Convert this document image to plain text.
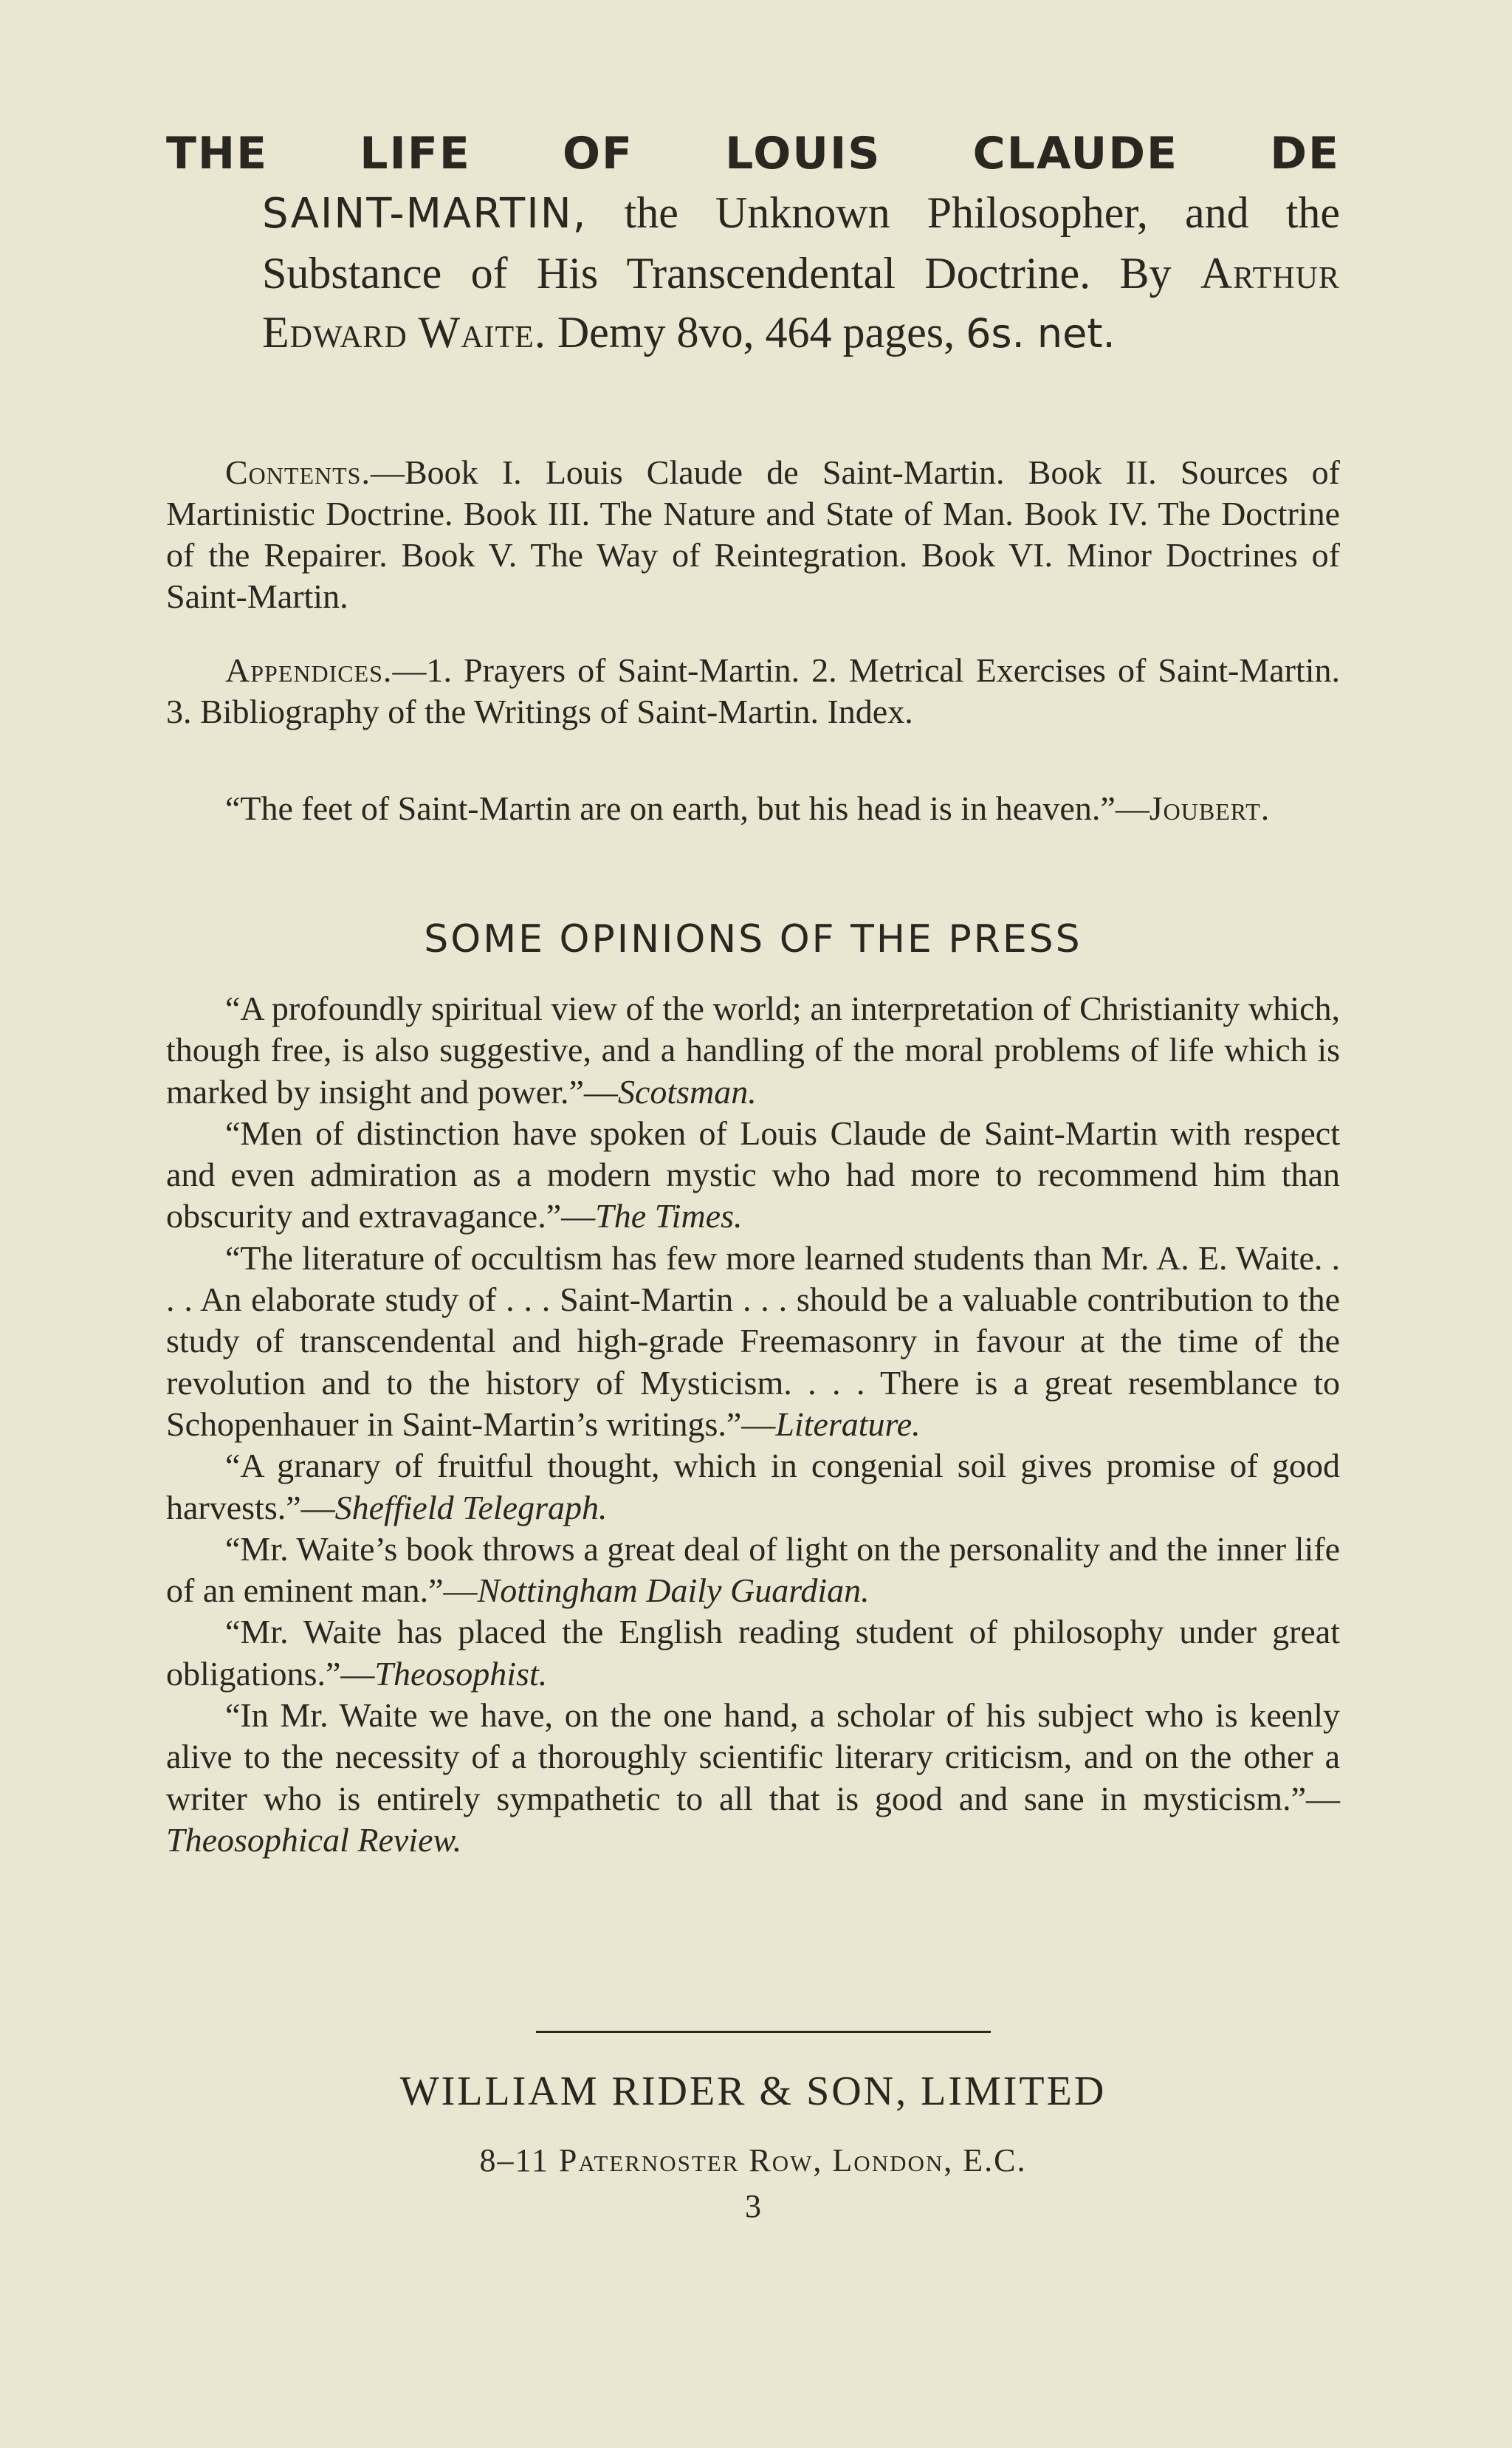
THE LIFE OF LOUIS CLAUDE DE
SAINT-MARTIN, the Unknown Philosopher, and the Substance of His Transcendental Doctrine. By Arthur Edward Waite. Demy 8vo, 464 pages, 6s. net.

Contents.—Book I. Louis Claude de Saint-Martin. Book II. Sources of Martinistic Doctrine. Book III. The Nature and State of Man. Book IV. The Doctrine of the Repairer. Book V. The Way of Reintegration. Book VI. Minor Doctrines of Saint-Martin.

Appendices.—1. Prayers of Saint-Martin. 2. Metrical Exercises of Saint-Martin. 3. Bibliography of the Writings of Saint-Martin. Index.

“The feet of Saint-Martin are on earth, but his head is in heaven.”—Joubert.

SOME OPINIONS OF THE PRESS

“A profoundly spiritual view of the world; an interpretation of Christianity which, though free, is also suggestive, and a handling of the moral problems of life which is marked by insight and power.”—Scotsman.

“Men of distinction have spoken of Louis Claude de Saint-Martin with respect and even admiration as a modern mystic who had more to recommend him than obscurity and extravagance.”—The Times.

“The literature of occultism has few more learned students than Mr. A. E. Waite. . . . An elaborate study of . . . Saint-Martin . . . should be a valuable contribution to the study of transcendental and high-grade Freemasonry in favour at the time of the revolution and to the history of Mysticism. . . . There is a great resemblance to Schopenhauer in Saint-Martin’s writings.”—Literature.

“A granary of fruitful thought, which in congenial soil gives promise of good harvests.”—Sheffield Telegraph.

“Mr. Waite’s book throws a great deal of light on the personality and the inner life of an eminent man.”—Nottingham Daily Guardian.

“Mr. Waite has placed the English reading student of philosophy under great obligations.”—Theosophist.

“In Mr. Waite we have, on the one hand, a scholar of his subject who is keenly alive to the necessity of a thoroughly scientific literary criticism, and on the other a writer who is entirely sympathetic to all that is good and sane in mysticism.”—Theosophical Review.

WILLIAM RIDER & SON, LIMITED

8–11 Paternoster Row, London, E.C.

3
